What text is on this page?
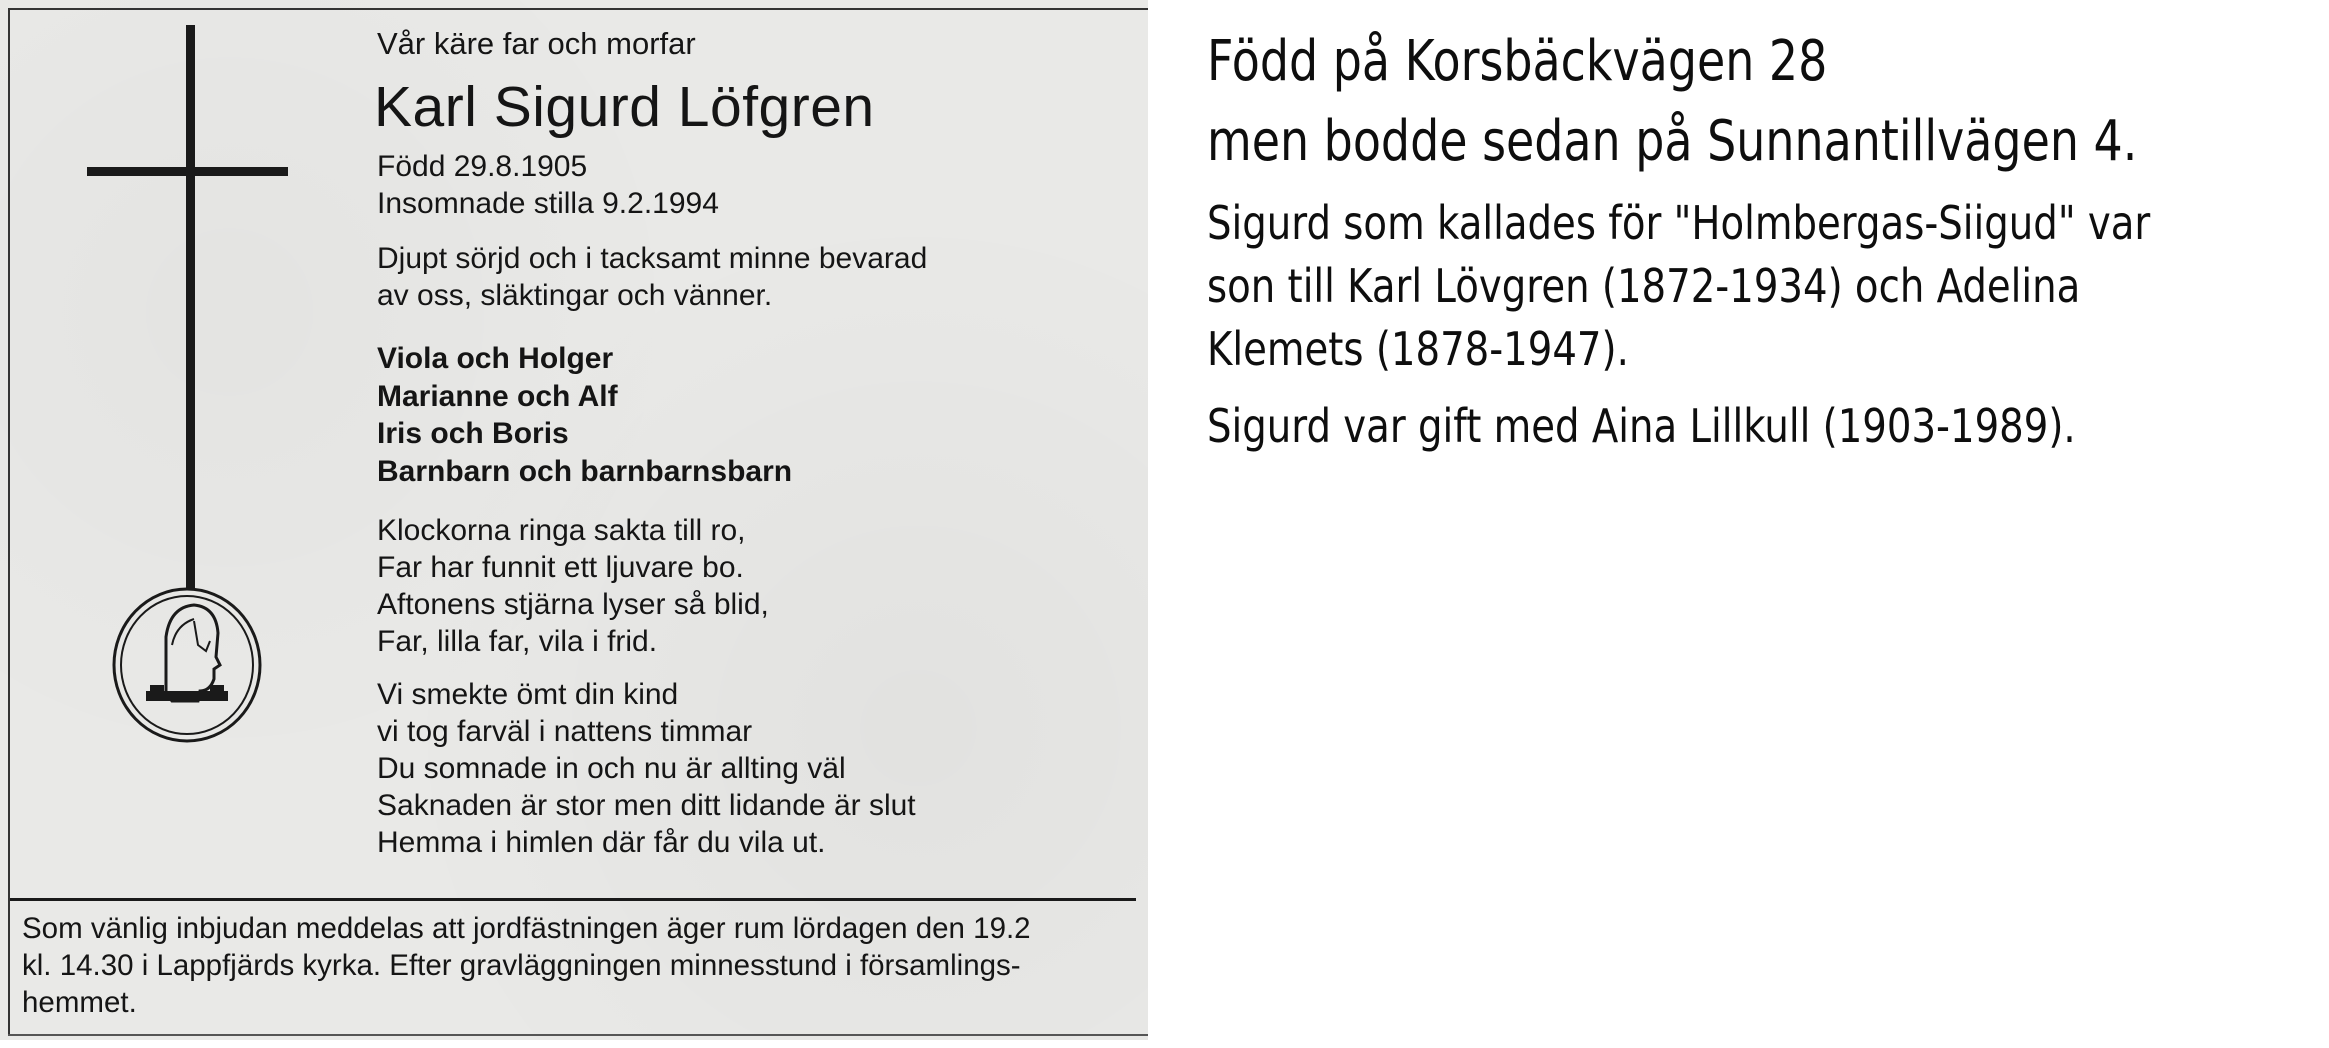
Vår käre far och morfar

Karl Sigurd Löfgren
Född 29.8.1905
Insomnade stilla 9.2.1994
Djupt sörjd och i tacksamt minne bevarad
av oss, släktingar och vänner.
Viola och Holger
Marianne och Alf
Iris och Boris
Barnbarn och barnbarnsbarn
Klockorna ringa sakta till ro,
Far har funnit ett ljuvare bo.
Aftonens stjärna lyser så blid,
Far, lilla far, vila i frid.
Vi smekte ömt din kind
vi tog farväl i nattens timmar
Du somnade in och nu är allting väl
Saknaden är stor men ditt lidande är slut
Hemma i himlen där får du vila ut.
Som vänlig inbjudan meddelas att jordfästningen äger rum lördagen den 19.2
kl. 14.30 i Lappfjärds kyrka. Efter gravläggningen minnesstund i församlings-
hemmet.
Född på Korsbäckvägen 28
men bodde sedan på Sunnantillvägen 4.
Sigurd som kallades för "Holmbergas-Siigud" var
son till Karl Lövgren (1872-1934) och Adelina
Klemets (1878-1947).
Sigurd var gift med Aina Lillkull (1903-1989).
